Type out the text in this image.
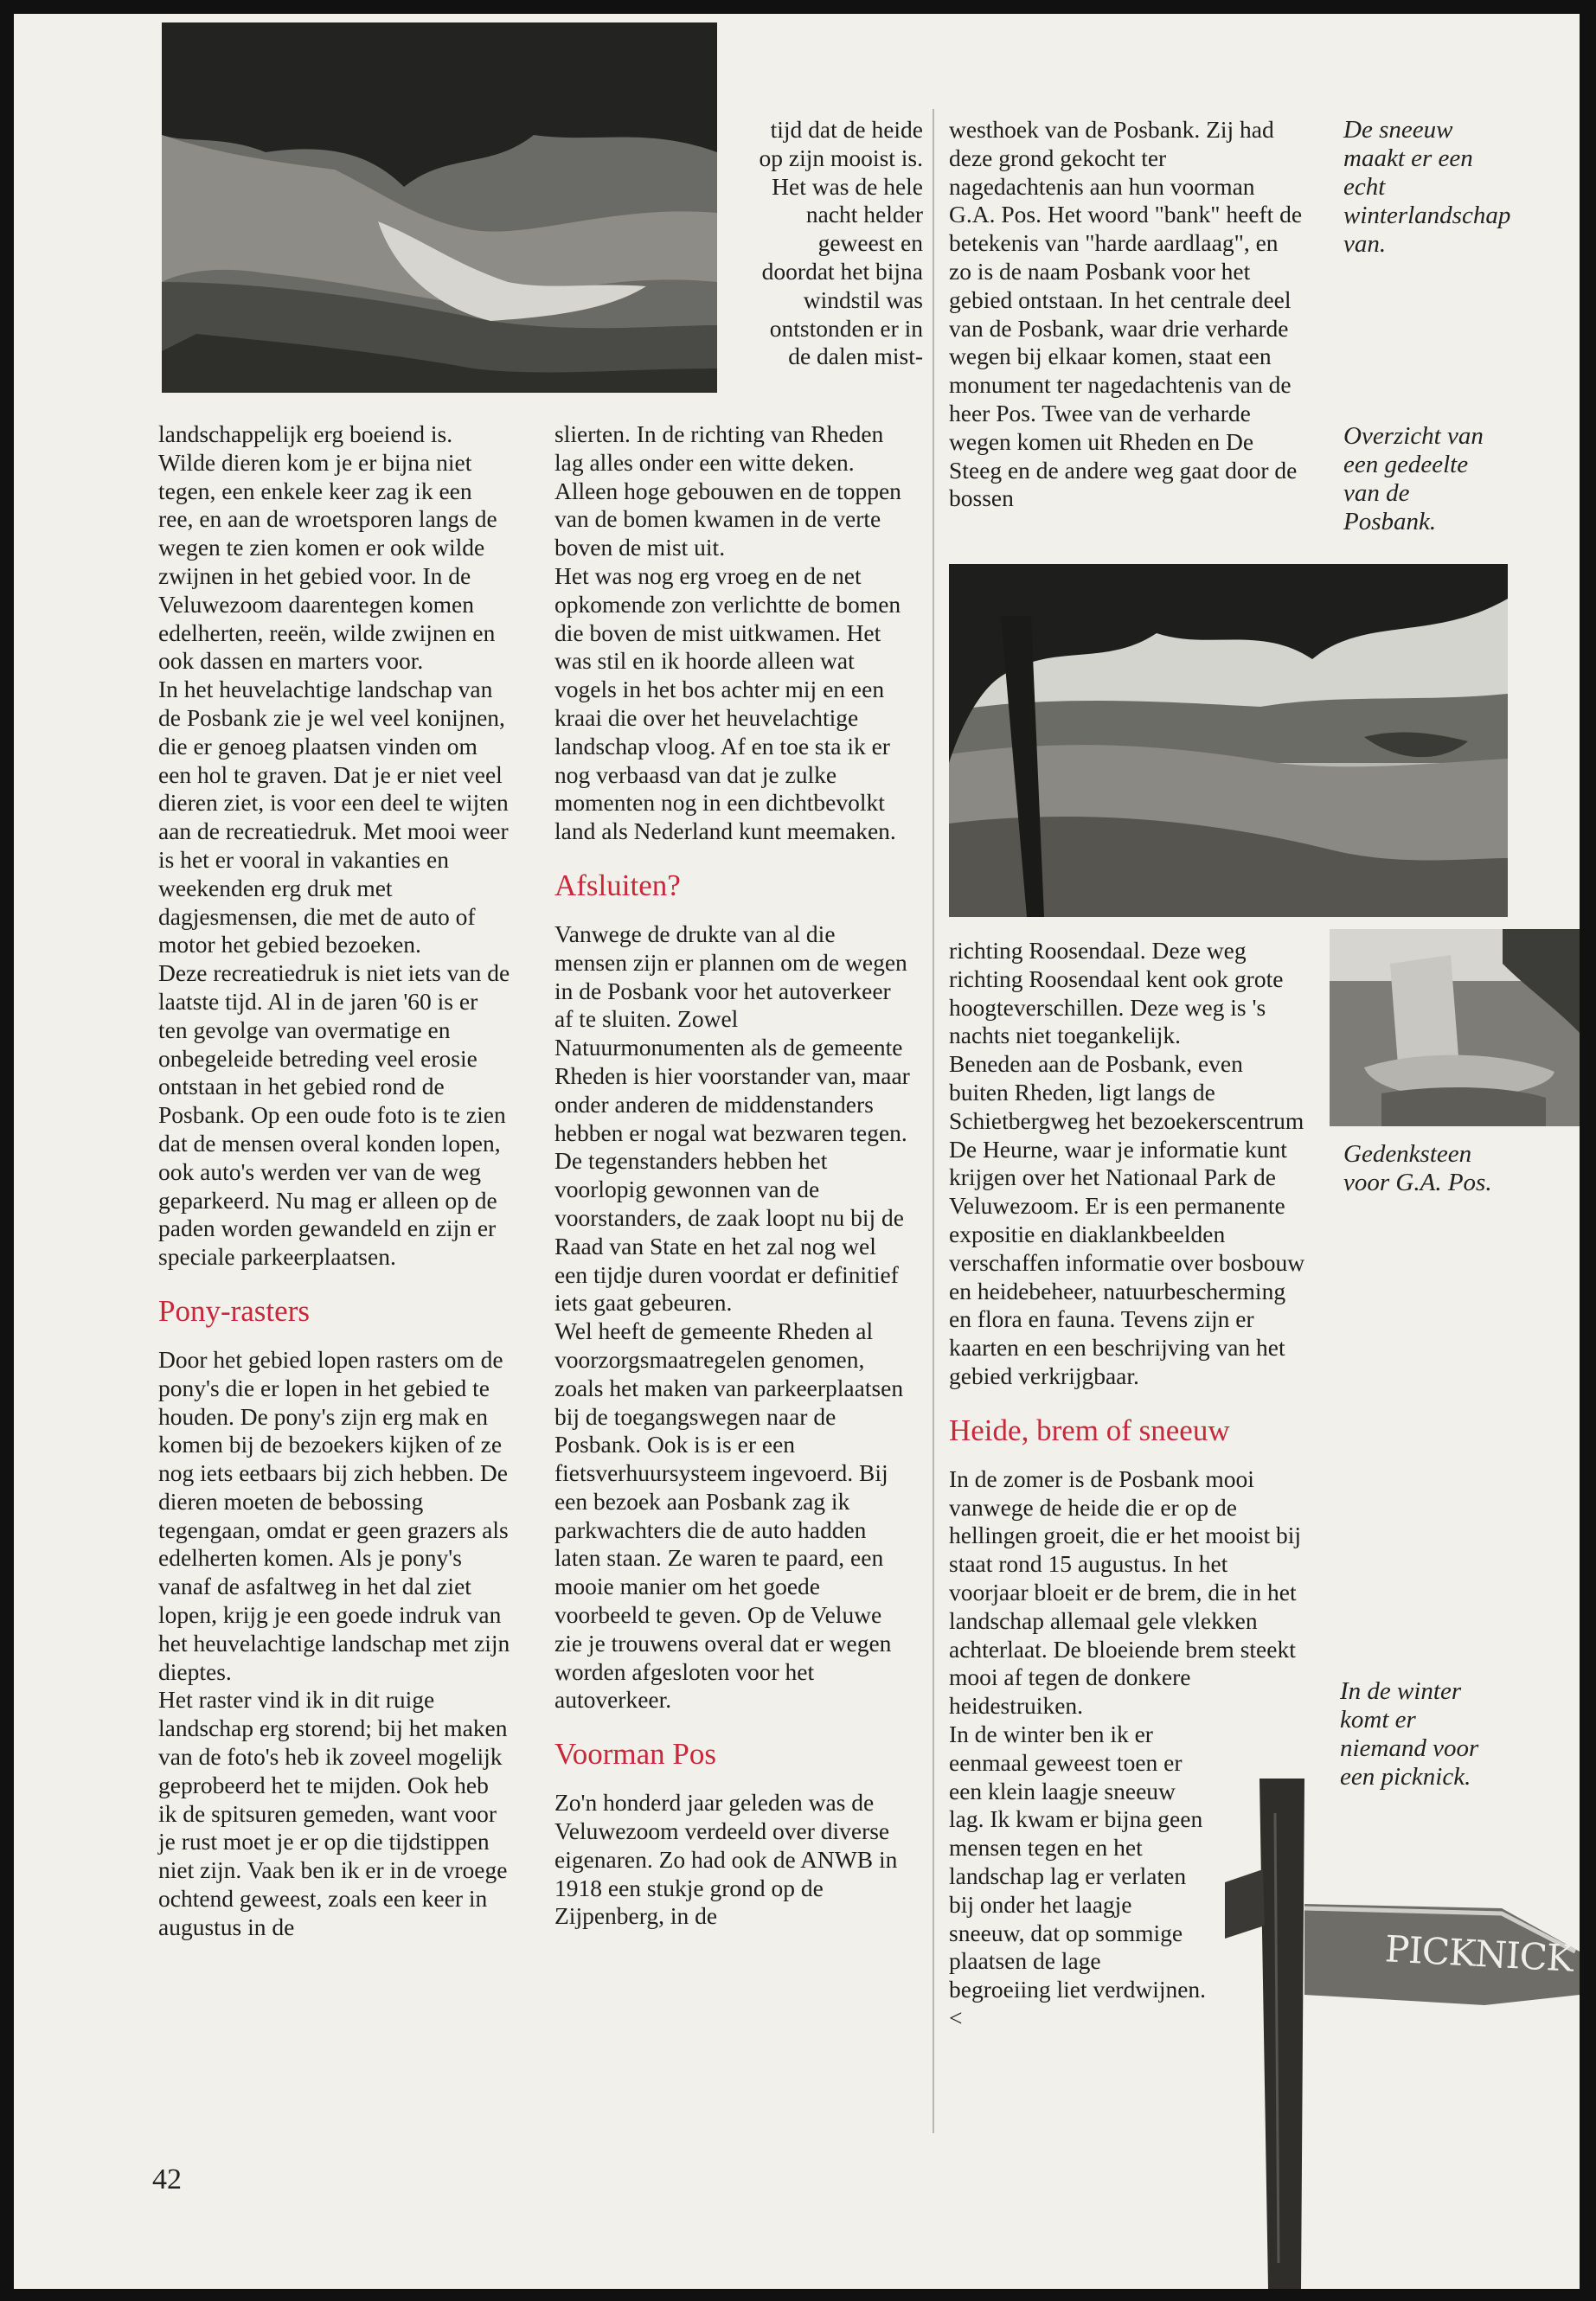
landschappelijk erg boeiend is. Wilde dieren kom je er bijna niet tegen, een enkele keer zag ik een ree, en aan de wroetsporen langs de wegen te zien komen er ook wilde zwijnen in het gebied voor. In de Veluwezoom daarentegen komen edelherten, reeën, wilde zwijnen en ook dassen en marters voor.

In het heuvelachtige landschap van de Posbank zie je wel veel konijnen, die er genoeg plaatsen vinden om een hol te graven. Dat je er niet veel dieren ziet, is voor een deel te wijten aan de recreatiedruk. Met mooi weer is het er vooral in vakanties en weekenden erg druk met dagjesmensen, die met de auto of motor het gebied bezoeken.

Deze recreatiedruk is niet iets van de laatste tijd. Al in de jaren '60 is er ten gevolge van overmatige en onbegeleide betreding veel erosie ontstaan in het gebied rond de Posbank. Op een oude foto is te zien dat de mensen overal konden lopen, ook auto's werden ver van de weg geparkeerd. Nu mag er alleen op de paden worden gewandeld en zijn er speciale parkeerplaatsen.

Pony-rasters

Door het gebied lopen rasters om de pony's die er lopen in het gebied te houden. De pony's zijn erg mak en komen bij de bezoekers kijken of ze nog iets eetbaars bij zich hebben. De dieren moeten de bebossing tegengaan, omdat er geen grazers als edelherten komen. Als je pony's vanaf de asfaltweg in het dal ziet lopen, krijg je een goede indruk van het heuvelachtige landschap met zijn dieptes.

Het raster vind ik in dit ruige landschap erg storend; bij het maken van de foto's heb ik zoveel mogelijk geprobeerd het te mijden. Ook heb ik de spitsuren gemeden, want voor je rust moet je er op die tijdstippen niet zijn. Vaak ben ik er in de vroege ochtend geweest, zoals een keer in augustus in de

tijd dat de heide op zijn mooist is. Het was de hele nacht helder geweest en doordat het bijna windstil was ontstonden er in de dalen mist-

slierten. In de richting van Rheden lag alles onder een witte deken. Alleen hoge gebouwen en de toppen van de bomen kwamen in de verte boven de mist uit.

Het was nog erg vroeg en de net opkomende zon verlichtte de bomen die boven de mist uitkwamen. Het was stil en ik hoorde alleen wat vogels in het bos achter mij en een kraai die over het heuvelachtige landschap vloog. Af en toe sta ik er nog verbaasd van dat je zulke momenten nog in een dichtbevolkt land als Nederland kunt meemaken.

Afsluiten?

Vanwege de drukte van al die mensen zijn er plannen om de wegen in de Posbank voor het autoverkeer af te sluiten. Zowel Natuurmonumenten als de gemeente Rheden is hier voorstander van, maar onder anderen de middenstanders hebben er nogal wat bezwaren tegen.

De tegenstanders hebben het voorlopig gewonnen van de voorstanders, de zaak loopt nu bij de Raad van State en het zal nog wel een tijdje duren voordat er definitief iets gaat gebeuren.

Wel heeft de gemeente Rheden al voorzorgsmaatregelen genomen, zoals het maken van parkeerplaatsen bij de toegangswegen naar de Posbank. Ook is is er een fietsverhuursysteem ingevoerd. Bij een bezoek aan Posbank zag ik parkwachters die de auto hadden laten staan. Ze waren te paard, een mooie manier om het goede voorbeeld te geven. Op de Veluwe zie je trouwens overal dat er wegen worden afgesloten voor het autoverkeer.

Voorman Pos

Zo'n honderd jaar geleden was de Veluwezoom verdeeld over diverse eigenaren. Zo had ook de ANWB in 1918 een stukje grond op de Zijpenberg, in de

westhoek van de Posbank. Zij had deze grond gekocht ter nagedachtenis aan hun voorman G.A. Pos. Het woord "bank" heeft de betekenis van "harde aardlaag", en zo is de naam Posbank voor het gebied ontstaan. In het centrale deel van de Posbank, waar drie verharde wegen bij elkaar komen, staat een monument ter nagedachtenis van de heer Pos. Twee van de verharde wegen komen uit Rheden en De Steeg en de andere weg gaat door de bossen

richting Roosendaal. Deze weg richting Roosendaal kent ook grote hoogteverschillen. Deze weg is 's nachts niet toegankelijk.

Beneden aan de Posbank, even buiten Rheden, ligt langs de Schietbergweg het bezoekerscentrum De Heurne, waar je informatie kunt krijgen over het Nationaal Park de Veluwezoom. Er is een permanente expositie en diaklankbeelden verschaffen informatie over bosbouw en heidebeheer, natuurbescherming en flora en fauna. Tevens zijn er kaarten en een beschrijving van het gebied verkrijgbaar.

Heide, brem of sneeuw

In de zomer is de Posbank mooi vanwege de heide die er op de hellingen groeit, die er het mooist bij staat rond 15 augustus. In het voorjaar bloeit er de brem, die in het landschap allemaal gele vlekken achterlaat. De bloeiende brem steekt mooi af tegen de donkere heidestruiken.

In de winter ben ik er eenmaal geweest toen er een klein laagje sneeuw lag. Ik kwam er bijna geen mensen tegen en het landschap lag er verlaten bij onder het laagje sneeuw, dat op sommige plaatsen de lage begroeiing liet verdwijnen. <

PICKNICK
De sneeuw maakt er een echt winterlandschap van.
Overzicht van een gedeelte van de Posbank.
Gedenksteen voor G.A. Pos.
In de winter komt er niemand voor een picknick.
42
